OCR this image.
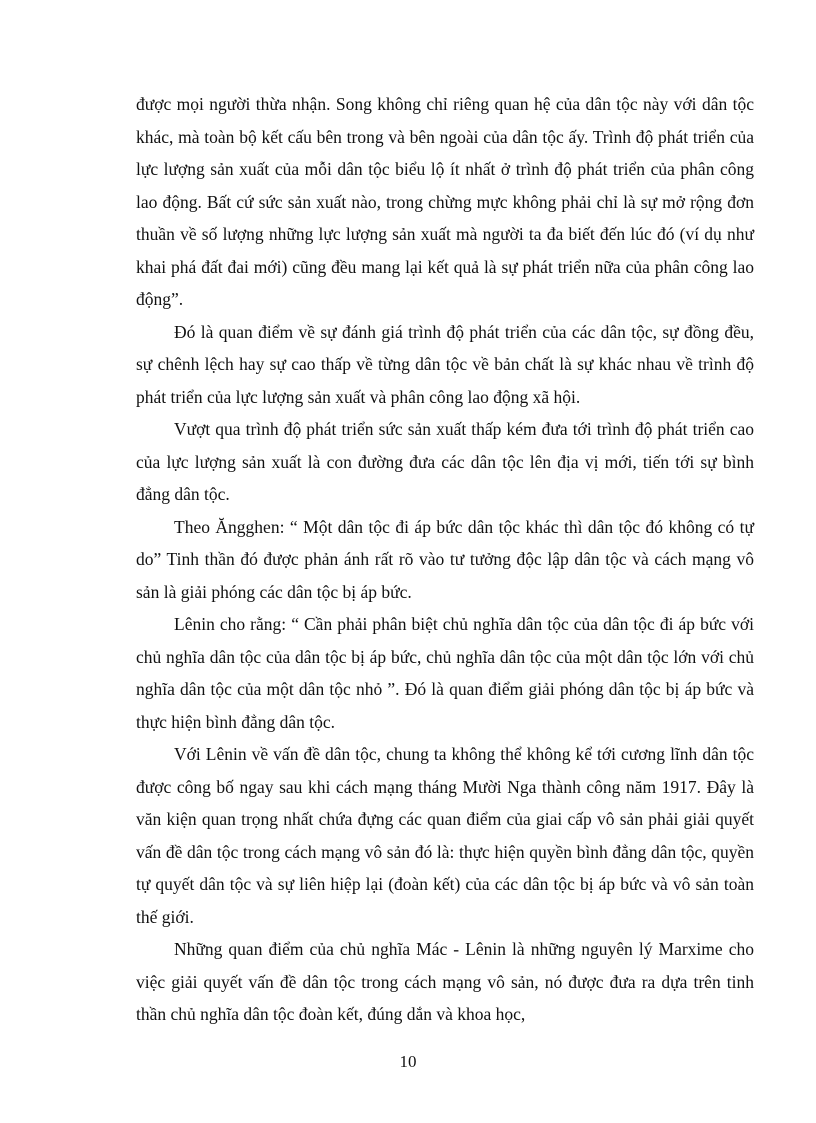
được mọi người thừa nhận. Song không chỉ riêng quan hệ của dân tộc này với dân tộc khác, mà toàn bộ kết cấu bên trong và bên ngoài của dân tộc ấy. Trình độ phát triển của lực lượng sản xuất của mỗi dân tộc biểu lộ ít nhất ở trình độ phát triển của phân công lao động. Bất cứ sức sản xuất nào, trong chừng mực không phải chỉ là sự mở rộng đơn thuần về số lượng những lực lượng sản xuất mà người ta đa biết đến lúc đó (ví dụ như khai phá đất đai mới) cũng đều mang lại kết quả là sự phát triển nữa của phân công lao động”.

Đó là quan điểm về sự đánh giá trình độ phát triển của các dân tộc, sự đồng đều, sự chênh lệch hay sự cao thấp về từng dân tộc về bản chất là sự khác nhau về trình độ phát triển của lực lượng sản xuất và phân công lao động xã hội.

Vượt qua trình độ phát triển sức sản xuất thấp kém đưa tới trình độ phát triển cao của lực lượng sản xuất là con đường đưa các dân tộc lên địa vị mới, tiến tới sự bình đẳng dân tộc.

Theo Ăngghen: “ Một dân tộc đi áp bức dân tộc khác thì dân tộc đó không có tự do” Tinh thần đó được phản ánh rất rõ vào tư tưởng độc lập dân tộc và cách mạng vô sản là giải phóng các dân tộc bị áp bức.

Lênin cho rằng: “ Cần phải phân biệt chủ nghĩa dân tộc của dân tộc đi áp bức với chủ nghĩa dân tộc của dân tộc bị áp bức, chủ nghĩa dân tộc của một dân tộc lớn với chủ nghĩa dân tộc của một dân tộc nhỏ ”. Đó là quan điểm giải phóng dân tộc bị áp bức và thực hiện bình đẳng dân tộc.

Với Lênin về vấn đề dân tộc, chung ta không thể không kể tới cương lĩnh dân tộc được công bố ngay sau khi cách mạng tháng Mười Nga thành công năm 1917. Đây là văn kiện quan trọng nhất chứa đựng các quan điểm của giai cấp vô sản phải giải quyết vấn đề dân tộc trong cách mạng vô sản đó là: thực hiện quyền bình đẳng dân tộc, quyền tự quyết dân tộc và sự liên hiệp lại (đoàn kết) của các dân tộc bị áp bức và vô sản toàn thế giới.

Những quan điểm của chủ nghĩa Mác - Lênin là những nguyên lý Marxime cho việc giải quyết vấn đề dân tộc trong cách mạng vô sản, nó được đưa ra dựa trên tinh thần chủ nghĩa dân tộc đoàn kết, đúng dắn và khoa học,

10
